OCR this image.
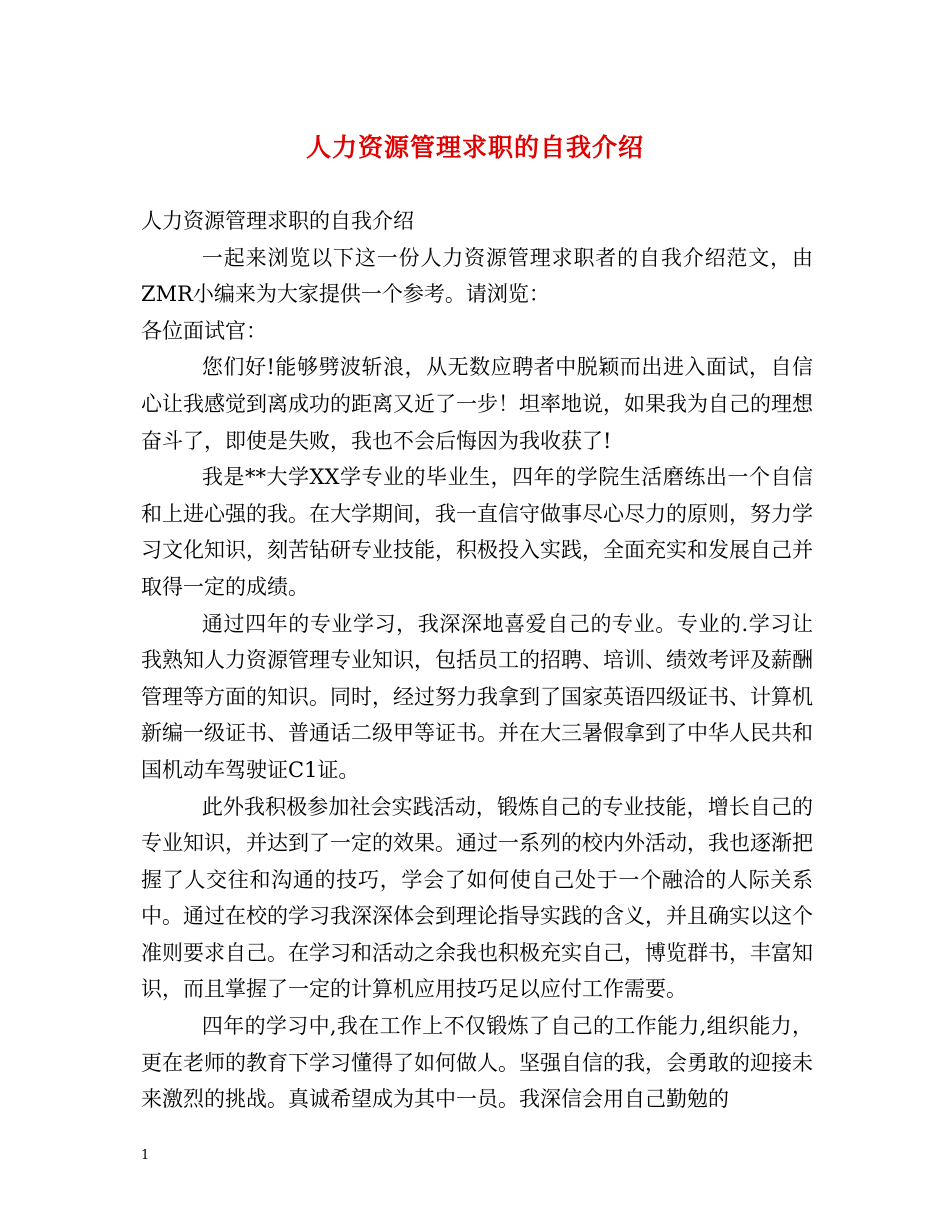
人力资源管理求职的自我介绍

人力资源管理求职的自我介绍

一起来浏览以下这一份人力资源管理求职者的自我介绍范文，由ZMR小编来为大家提供一个参考。请浏览：

各位面试官：

您们好!能够劈波斩浪，从无数应聘者中脱颖而出进入面试，自信心让我感觉到离成功的距离又近了一步！坦率地说，如果我为自己的理想奋斗了，即使是失败，我也不会后悔因为我收获了!

我是**大学XX学专业的毕业生，四年的学院生活磨练出一个自信和上进心强的我。在大学期间，我一直信守做事尽心尽力的原则，努力学习文化知识，刻苦钻研专业技能，积极投入实践，全面充实和发展自己并取得一定的成绩。

通过四年的专业学习，我深深地喜爱自己的专业。专业的.学习让我熟知人力资源管理专业知识，包括员工的招聘、培训、绩效考评及薪酬管理等方面的知识。同时，经过努力我拿到了国家英语四级证书、计算机新编一级证书、普通话二级甲等证书。并在大三暑假拿到了中华人民共和国机动车驾驶证C1证。

此外我积极参加社会实践活动，锻炼自己的专业技能，增长自己的专业知识，并达到了一定的效果。通过一系列的校内外活动，我也逐渐把握了人交往和沟通的技巧，学会了如何使自己处于一个融洽的人际关系中。通过在校的学习我深深体会到理论指导实践的含义，并且确实以这个准则要求自己。在学习和活动之余我也积极充实自己，博览群书，丰富知识，而且掌握了一定的计算机应用技巧足以应付工作需要。

四年的学习中,我在工作上不仅锻炼了自己的工作能力,组织能力，更在老师的教育下学习懂得了如何做人。坚强自信的我，会勇敢的迎接未来激烈的挑战。真诚希望成为其中一员。我深信会用自己勤勉的

1
